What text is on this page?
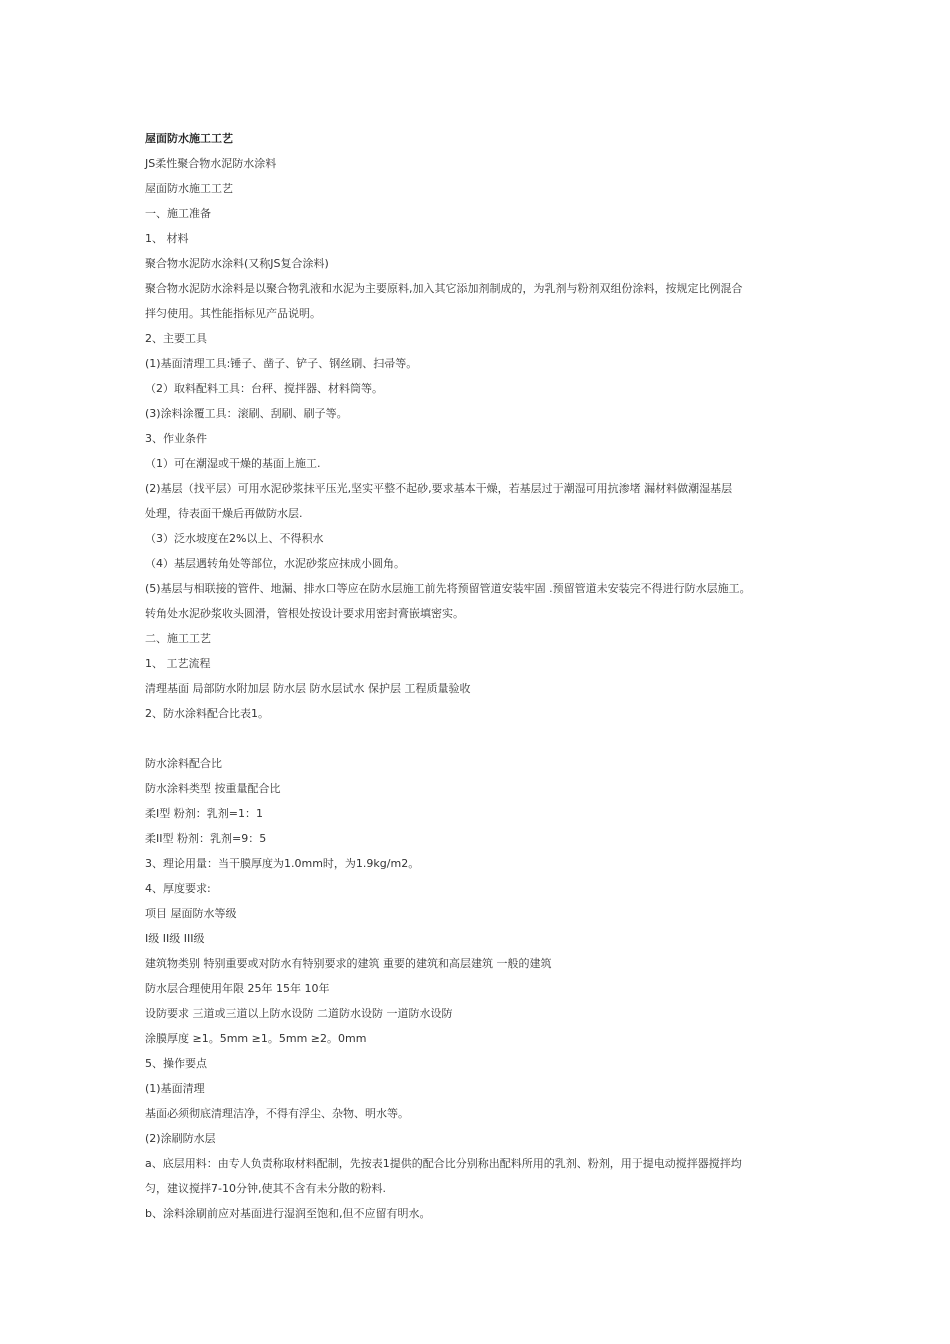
屋面防水施工工艺
JS柔性聚合物水泥防水涂料
屋面防水施工工艺
一、施工准备
1、 材料
聚合物水泥防水涂料(又称JS复合涂料)
聚合物水泥防水涂料是以聚合物乳液和水泥为主要原料,加入其它添加剂制成的，为乳剂与粉剂双组份涂料，按规定比例混合
拌匀使用。其性能指标见产品说明。
2、主要工具
(1)基面清理工具:锤子、凿子、铲子、钢丝刷、扫帚等。
（2）取料配料工具：台秤、搅拌器、材料筒等。
(3)涂料涂覆工具：滚刷、刮刷、刷子等。
3、作业条件
（1）可在潮湿或干燥的基面上施工.
(2)基层（找平层）可用水泥砂浆抹平压光,坚实平整不起砂,要求基本干燥，若基层过于潮湿可用抗渗堵 漏材料做潮湿基层
处理，待表面干燥后再做防水层.
（3）泛水坡度在2%以上、不得积水
（4）基层遇转角处等部位，水泥砂浆应抹成小圆角。
(5)基层与相联接的管件、地漏、排水口等应在防水层施工前先将预留管道安装牢固 .预留管道未安装完不得进行防水层施工。
转角处水泥砂浆收头圆滑，管根处按设计要求用密封膏嵌填密实。
二、施工工艺
1、 工艺流程
清理基面 局部防水附加层 防水层 防水层试水 保护层 工程质量验收
2、防水涂料配合比表1。
防水涂料配合比
防水涂料类型 按重量配合比
柔I型 粉剂：乳剂=1：1
柔II型 粉剂：乳剂=9：5
3、理论用量：当干膜厚度为1.0mm时，为1.9kg/m2。
4、厚度要求:
项目 屋面防水等级
I级 II级 III级
建筑物类别 特别重要或对防水有特别要求的建筑 重要的建筑和高层建筑 一般的建筑
防水层合理使用年限 25年 15年 10年
设防要求 三道或三道以上防水设防 二道防水设防 一道防水设防
涂膜厚度 ≥1。5mm ≥1。5mm ≥2。0mm
5、操作要点
(1)基面清理
基面必须彻底清理洁净，不得有浮尘、杂物、明水等。
(2)涂刷防水层
a、底层用料：由专人负责称取材料配制，先按表1提供的配合比分别称出配料所用的乳剂、粉剂，用于提电动搅拌器搅拌均
匀，建议搅拌7-10分钟,使其不含有未分散的粉料.
b、涂料涂刷前应对基面进行湿润至饱和,但不应留有明水。
